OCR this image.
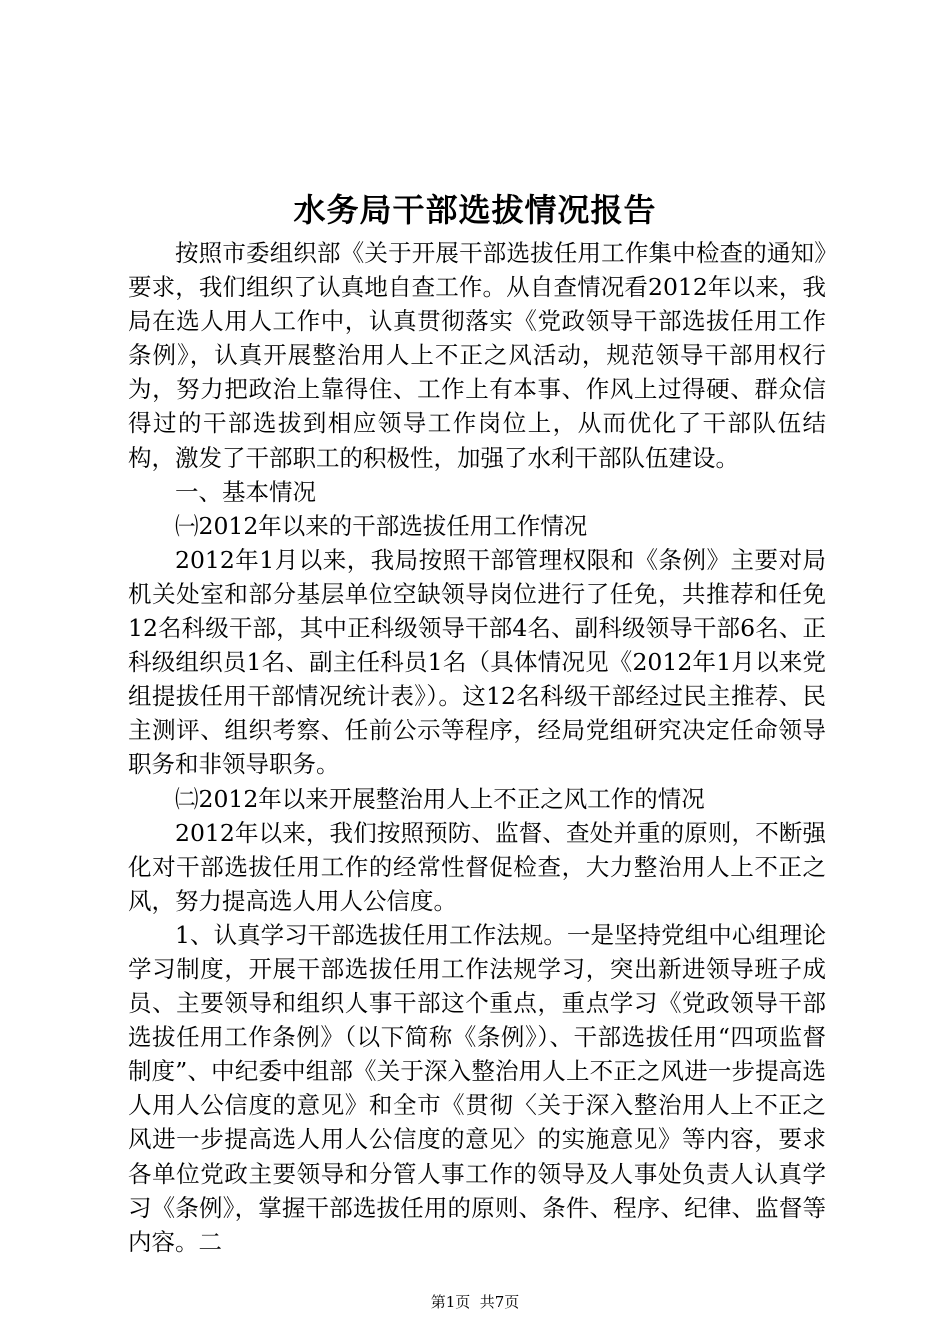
水务局干部选拔情况报告

按照市委组织部《关于开展干部选拔任用工作集中检查的通知》要求，我们组织了认真地自查工作。从自查情况看2012年以来，我局在选人用人工作中，认真贯彻落实《党政领导干部选拔任用工作条例》，认真开展整治用人上不正之风活动，规范领导干部用权行为，努力把政治上靠得住、工作上有本事、作风上过得硬、群众信得过的干部选拔到相应领导工作岗位上，从而优化了干部队伍结构，激发了干部职工的积极性，加强了水利干部队伍建设。

一、基本情况

㈠2012年以来的干部选拔任用工作情况

2012年1月以来，我局按照干部管理权限和《条例》主要对局机关处室和部分基层单位空缺领导岗位进行了任免，共推荐和任免12名科级干部，其中正科级领导干部4名、副科级领导干部6名、正科级组织员1名、副主任科员1名（具体情况见《2012年1月以来党组提拔任用干部情况统计表》）。这12名科级干部经过民主推荐、民主测评、组织考察、任前公示等程序，经局党组研究决定任命领导职务和非领导职务。

㈡2012年以来开展整治用人上不正之风工作的情况

2012年以来，我们按照预防、监督、查处并重的原则，不断强化对干部选拔任用工作的经常性督促检查，大力整治用人上不正之风，努力提高选人用人公信度。

1、认真学习干部选拔任用工作法规。一是坚持党组中心组理论学习制度，开展干部选拔任用工作法规学习，突出新进领导班子成员、主要领导和组织人事干部这个重点，重点学习《党政领导干部选拔任用工作条例》（以下简称《条例》）、干部选拔任用“四项监督制度”、中纪委中组部《关于深入整治用人上不正之风进一步提高选人用人公信度的意见》和全市《贯彻〈关于深入整治用人上不正之风进一步提高选人用人公信度的意见〉的实施意见》等内容，要求各单位党政主要领导和分管人事工作的领导及人事处负责人认真学习《条例》，掌握干部选拔任用的原则、条件、程序、纪律、监督等内容。二

第1页  共7页
